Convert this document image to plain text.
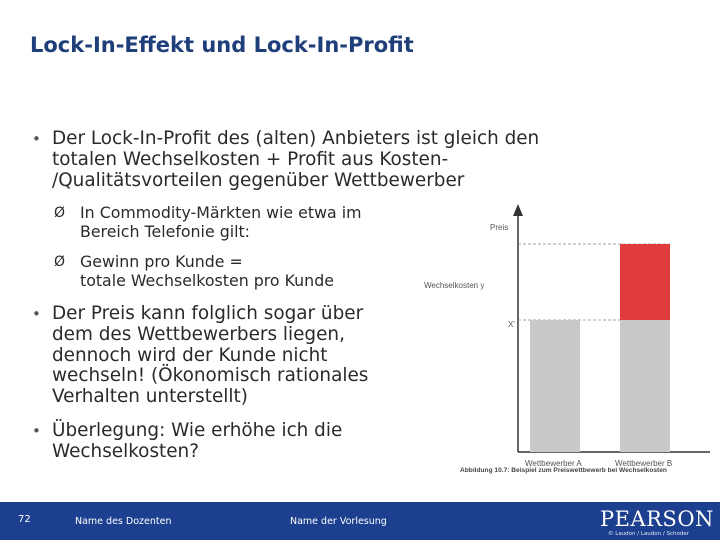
Lock-In-Effekt und Lock-In-Profit
• Der Lock-In-Profit des (alten) Anbieters ist gleich den
totalen Wechselkosten + Profit aus Kosten-
/Qualitätsvorteilen gegenüber Wettbewerber
Ø In Commodity-Märkten wie etwa im
Bereich Telefonie gilt:
Ø Gewinn pro Kunde =
totale Wechselkosten pro Kunde
• Der Preis kann folglich sogar über
dem des Wettbewerbers liegen,
dennoch wird der Kunde nicht
wechseln! (Ökonomisch rationales
Verhalten unterstellt)
• Überlegung: Wie erhöhe ich die
Wechselkosten?
Preis
Wechselkosten y
X'
Wettbewerber A	Wettbewerber B
Abbildung 10.7: Beispiel zum Preiswettbewerb bei Wechselkosten
72	Name des Dozenten	Name der Vorlesung	PEARSON
© Laudon / Laudon / Schoder
